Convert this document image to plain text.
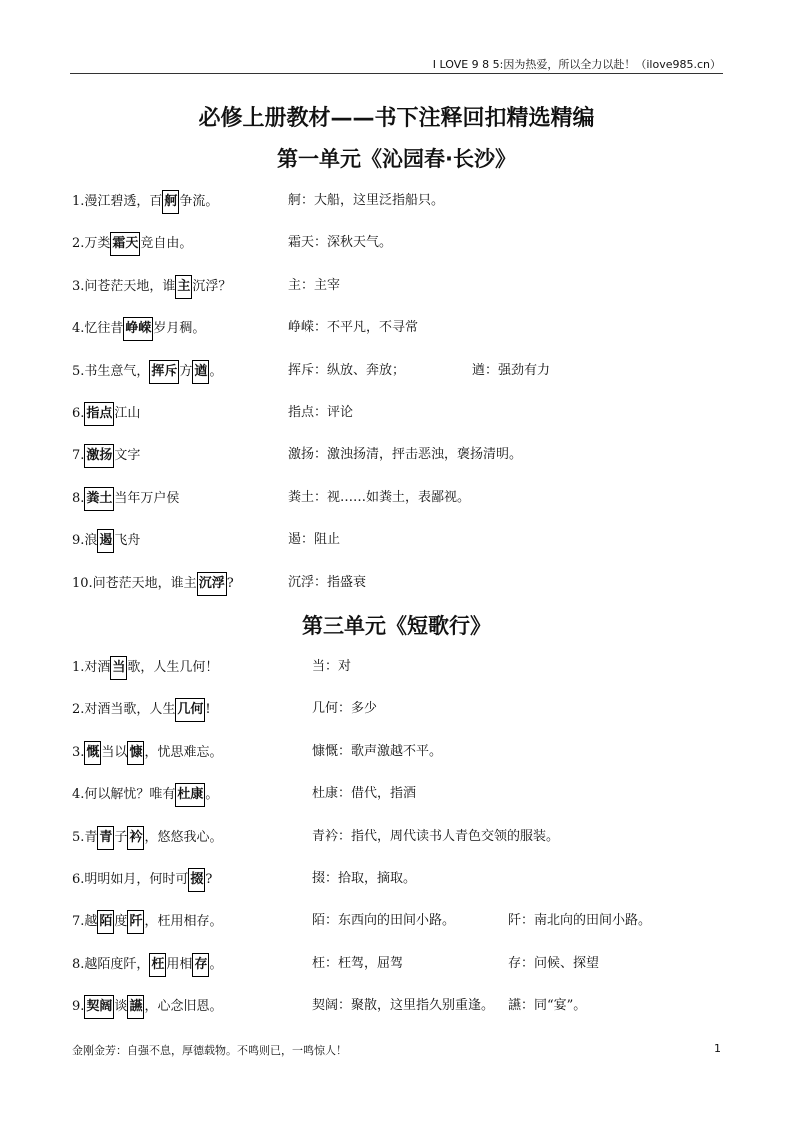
I LOVE 9 8 5:因为热爱，所以全力以赴！（ilove985.cn）
必修上册教材——书下注释回扣精选精编
第一单元《沁园春·长沙》
1.漫江碧透，百 舸 争流。	舸：大船，这里泛指船只。
2.万类 霜天 竞自由。	霜天：深秋天气。
3.问苍茫天地，谁 主 沉浮？	主：主宰
4.忆往昔 峥嵘 岁月稠。	峥嵘：不平凡，不寻常
5.书生意气， 挥斥 方 遒 。	挥斥：纵放、奔放；	遒：强劲有力
6. 指点 江山	指点：评论
7. 激扬 文字	激扬：激浊扬清，抨击恶浊，褒扬清明。
8. 粪土 当年万户侯	粪土：视……如粪土，表鄙视。
9.浪 遏 飞舟	遏：阻止
10.问苍茫天地，谁主 沉浮 ?	沉浮：指盛衰
第三单元《短歌行》
1.对酒 当 歌，人生几何！	当：对
2.对酒当歌，人生 几何 !	几何：多少
3. 慨 当以 慷 ，忧思难忘。	慷慨：歌声激越不平。
4.何以解忧？唯有 杜康 。	杜康：借代，指酒
5.青 青 子 衿 ，悠悠我心。	青衿：指代，周代读书人青色交领的服装。
6.明明如月，何时可 掇 ?	掇：拾取，摘取。
7.越 陌 度 阡 ，枉用相存。	陌：东西向的田间小路。	阡：南北向的田间小路。
8.越陌度阡， 枉 用相 存 。	枉：枉驾，屈驾	存：问候、探望
9. 契阔 谈 讌 ，心念旧恩。	契阔：聚散，这里指久别重逢。 讌：同“宴”。
金刚金芳：自强不息，厚德载物。不鸣则已，一鸣惊人！	1
